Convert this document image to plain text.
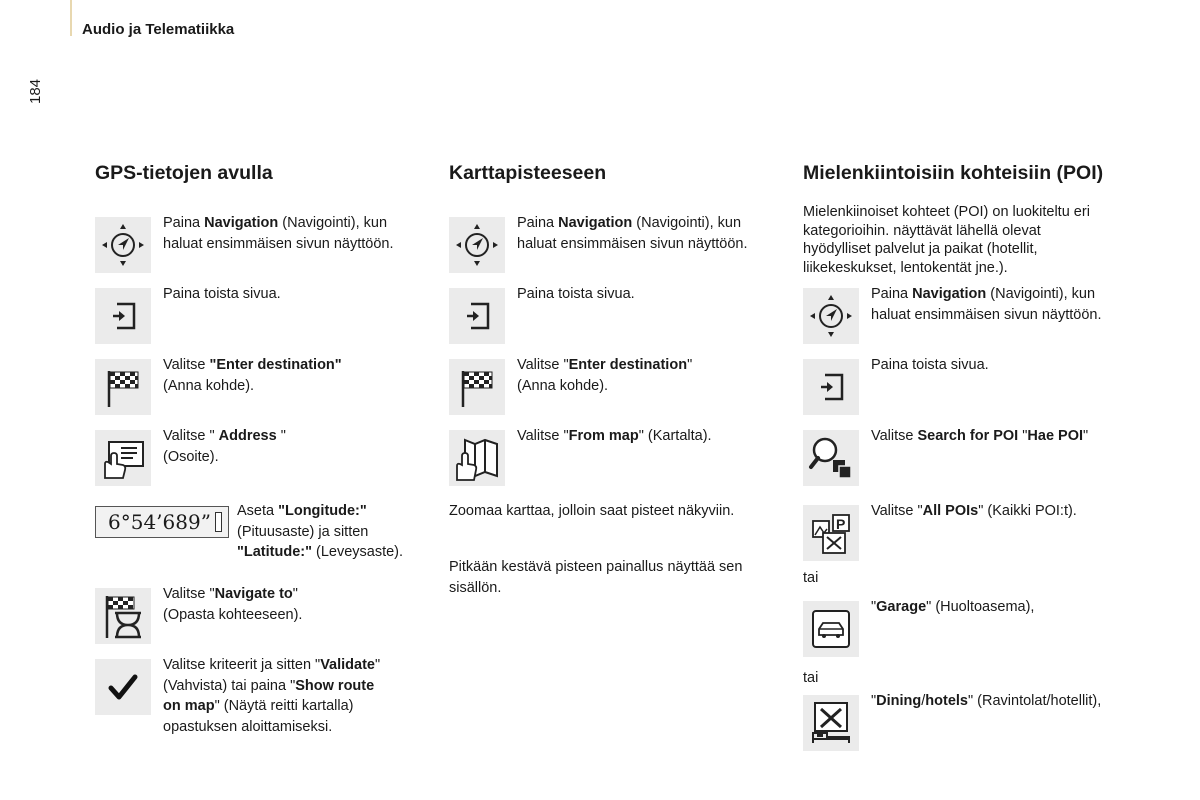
Audio ja Telematiikka
184
GPS-tietojen avulla
Paina Navigation (Navigointi), kun haluat ensimmäisen sivun näyttöön.
Paina toista sivua.
Valitse "Enter destination"
(Anna kohde).
Valitse " Address "
(Osoite).
6°54’689”	Aseta "Longitude:"
(Pituusaste) ja sitten
"Latitude:" (Leveysaste).
Valitse "Navigate to"
(Opasta kohteeseen).
Valitse kriteerit ja sitten "Validate"
(Vahvista) tai paina "Show route
on map" (Näytä reitti kartalla)
opastuksen aloittamiseksi.
Karttapisteeseen
Paina Navigation (Navigointi), kun haluat ensimmäisen sivun näyttöön.
Paina toista sivua.
Valitse "Enter destination"
(Anna kohde).
Valitse "From map" (Kartalta).
Zoomaa karttaa, jolloin saat pisteet näkyviin.
Pitkään kestävä pisteen painallus näyttää sen sisällön.
Mielenkiintoisiin kohteisiin (POI)
Mielenkiinoiset kohteet (POI) on luokiteltu eri kategorioihin. näyttävät lähellä olevat hyödylliset palvelut ja paikat (hotellit, liikekeskukset, lentokentät jne.).
Paina Navigation (Navigointi), kun haluat ensimmäisen sivun näyttöön.
Paina toista sivua.
Valitse Search for POI "Hae POI"
Valitse "All POIs" (Kaikki POI:t).
tai
"Garage" (Huoltoasema),
tai
"Dining/hotels" (Ravintolat/hotellit),
